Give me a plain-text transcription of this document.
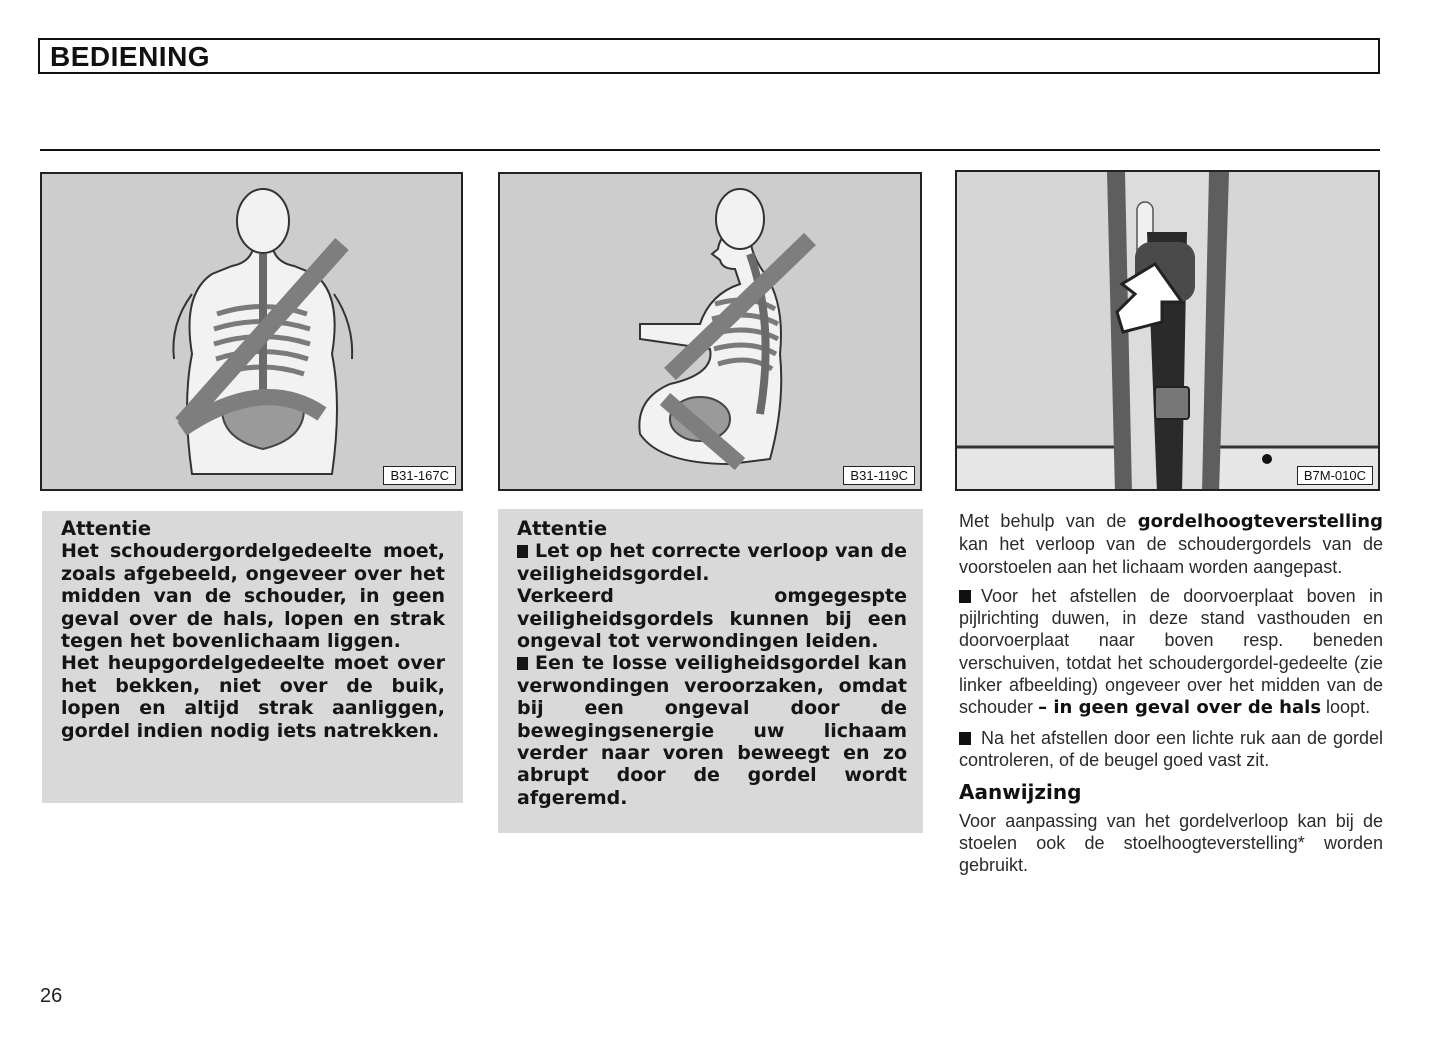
BEDIENING
B31-167C	B31-119C	B7M-010C

Attentie

Het schoudergordelgedeelte moet, zoals afgebeeld, ongeveer over het midden van de schouder, in geen geval over de hals, lopen en strak tegen het bovenlichaam liggen.

Het heupgordelgedeelte moet over het bekken, niet over de buik, lopen en altijd strak aanliggen, gordel indien nodig iets natrekken.

Attentie

Let op het correcte verloop van de veiligheidsgordel.

Verkeerd omgegespte veiligheidsgordels kunnen bij een ongeval tot verwondingen leiden.

Een te losse veiligheidsgordel kan verwondingen veroorzaken, omdat bij een ongeval door de bewegingsenergie uw lichaam verder naar voren beweegt en zo abrupt door de gordel wordt afgeremd.

Met behulp van de gordelhoogteverstelling kan het verloop van de schoudergordels van de voorstoelen aan het lichaam worden aangepast.

Voor het afstellen de doorvoerplaat boven in pijlrichting duwen, in deze stand vasthouden en doorvoerplaat naar boven resp. beneden verschuiven, totdat het schoudergordel-gedeelte (zie linker afbeelding) ongeveer over het midden van de schouder – in geen geval over de hals loopt.

Na het afstellen door een lichte ruk aan de gordel controleren, of de beugel goed vast zit.

Aanwijzing

Voor aanpassing van het gordelverloop kan bij de stoelen ook de stoelhoogteverstelling* worden gebruikt.

26
